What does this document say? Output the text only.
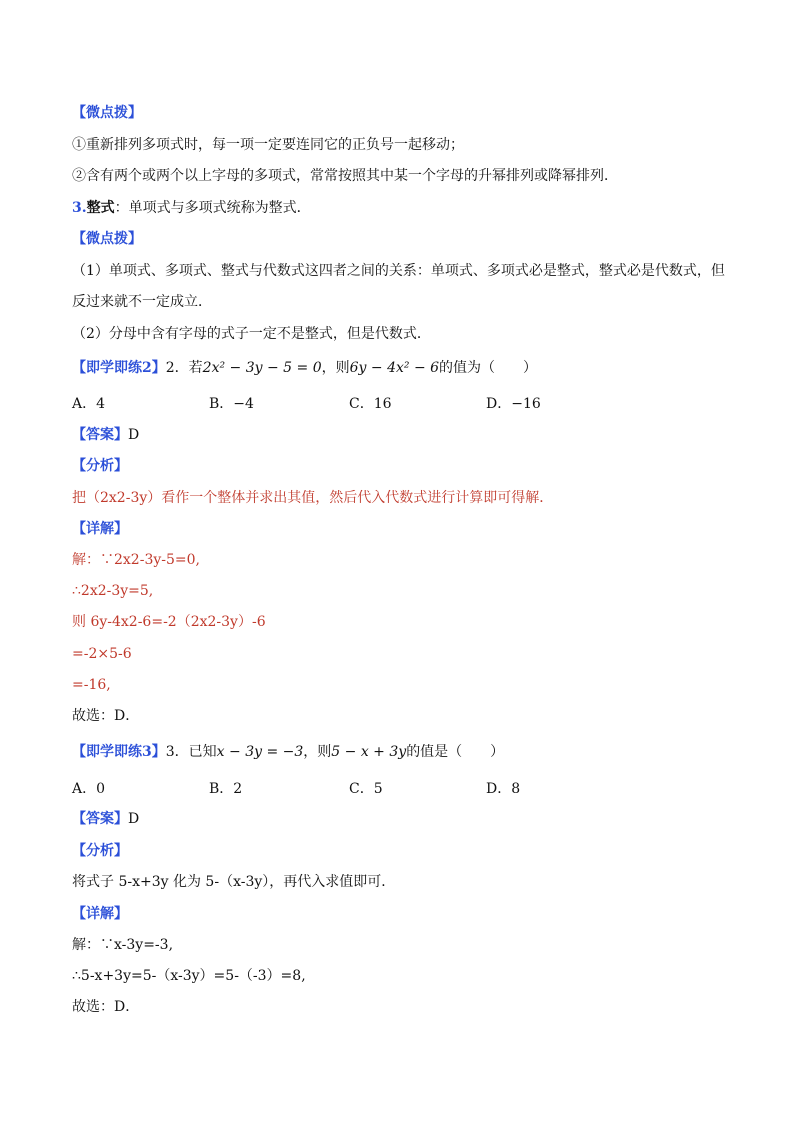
【微点拨】
①重新排列多项式时，每一项一定要连同它的正负号一起移动；
②含有两个或两个以上字母的多项式，常常按照其中某一个字母的升幂排列或降幂排列．
3.整式：单项式与多项式统称为整式．
【微点拨】
（1）单项式、多项式、整式与代数式这四者之间的关系：单项式、多项式必是整式，整式必是代数式，但
反过来就不一定成立．
（2）分母中含有字母的式子一定不是整式，但是代数式．
【即学即练2】2．若2x² − 3y − 5 = 0，则6y − 4x² − 6的值为（　　）
A．4	B．−4	C．16	D．−16
【答案】D
【分析】
把（2x2-3y）看作一个整体并求出其值，然后代入代数式进行计算即可得解．
【详解】
解：∵2x2-3y-5=0,
∴2x2-3y=5,
则 6y-4x2-6=-2（2x2-3y）-6
=-2×5-6
=-16,
故选：D．
【即学即练3】3．已知x − 3y = −3，则5 − x + 3y的值是（　　）
A．0	B．2	C．5	D．8
【答案】D
【分析】
将式子 5-x+3y 化为 5-（x-3y），再代入求值即可．
【详解】
解：∵x-3y=-3,
∴5-x+3y=5-（x-3y）=5-（-3）=8,
故选：D．
